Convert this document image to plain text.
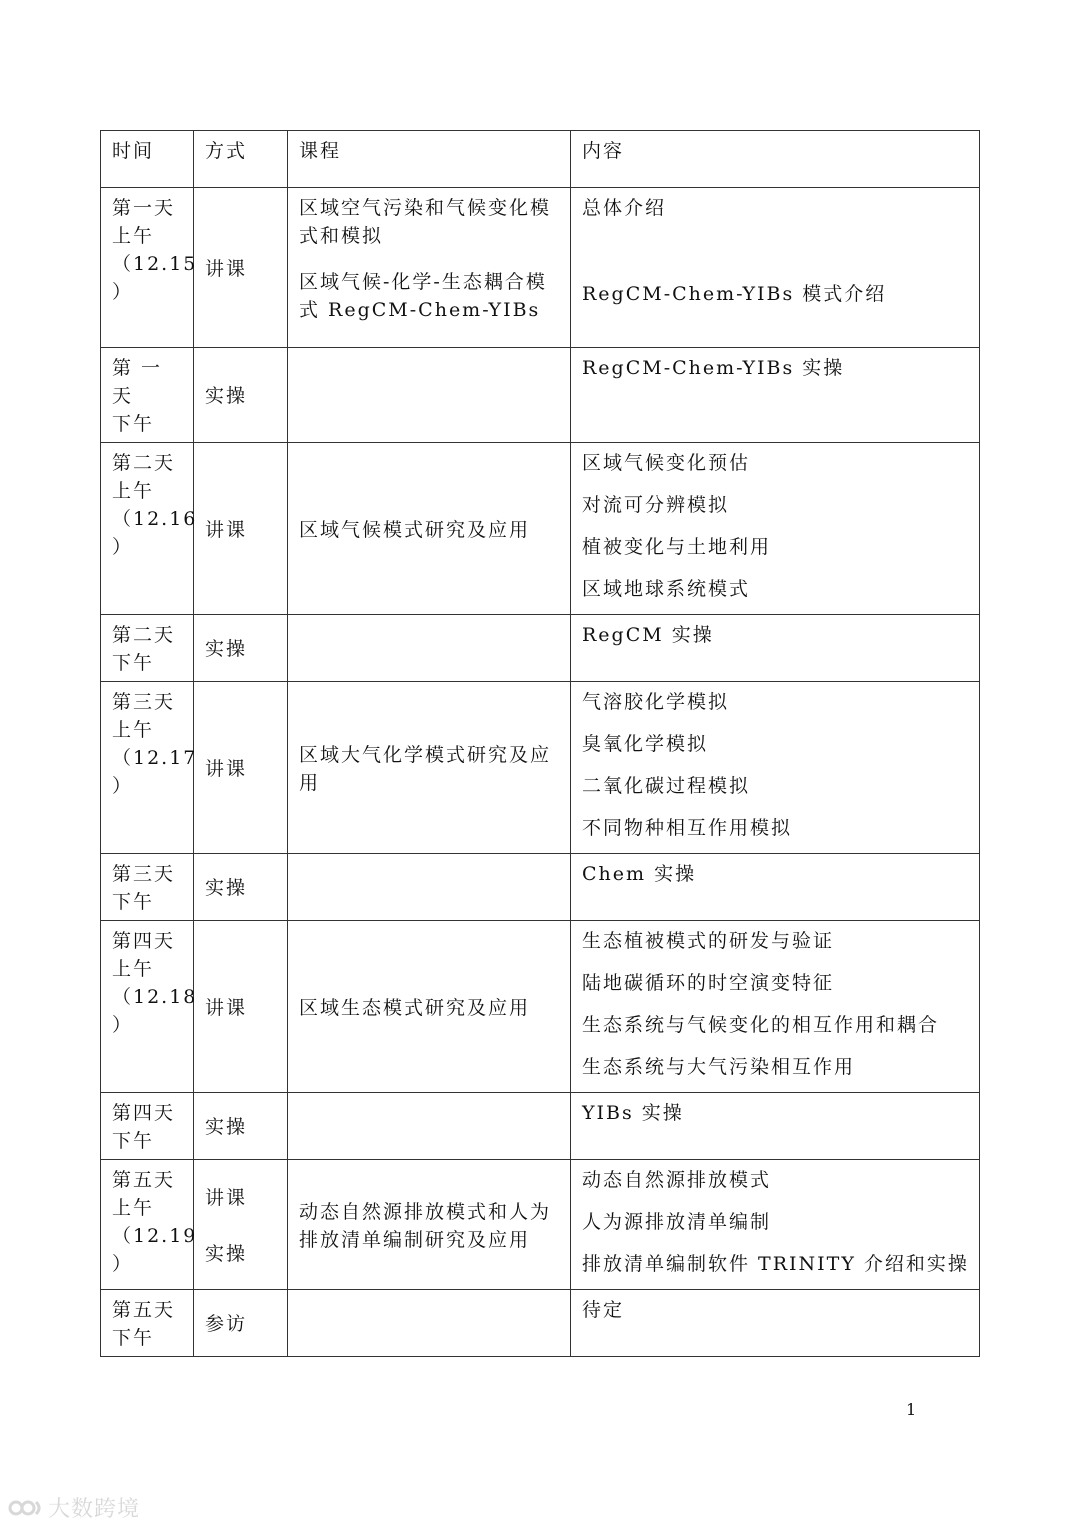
时间	方式	课程	内容

第一天
上午
（12.15
）	讲课	区域空气污染和气候变化模式和模拟
区域气候-化学-生态耦合模式 RegCM-Chem-YIBs	总体介绍
RegCM-Chem-YIBs 模式介绍

第 一 天
下午	实操		RegCM-Chem-YIBs 实操

第二天
上午
（12.16
）	讲课	区域气候模式研究及应用	区域气候变化预估
对流可分辨模拟
植被变化与土地利用
区域地球系统模式

第二天
下午	实操		RegCM 实操

第三天
上午
（12.17
）	讲课	区域大气化学模式研究及应用	气溶胶化学模拟
臭氧化学模拟
二氧化碳过程模拟
不同物种相互作用模拟

第三天
下午	实操		Chem 实操

第四天
上午
（12.18
）	讲课	区域生态模式研究及应用	生态植被模式的研发与验证
陆地碳循环的时空演变特征
生态系统与气候变化的相互作用和耦合
生态系统与大气污染相互作用

第四天
下午	实操		YIBs 实操

第五天
上午
（12.19
）	讲课
实操	动态自然源排放模式和人为排放清单编制研究及应用	动态自然源排放模式
人为源排放清单编制
排放清单编制软件 TRINITY 介绍和实操

第五天
下午	参访		待定
1
大数跨境
